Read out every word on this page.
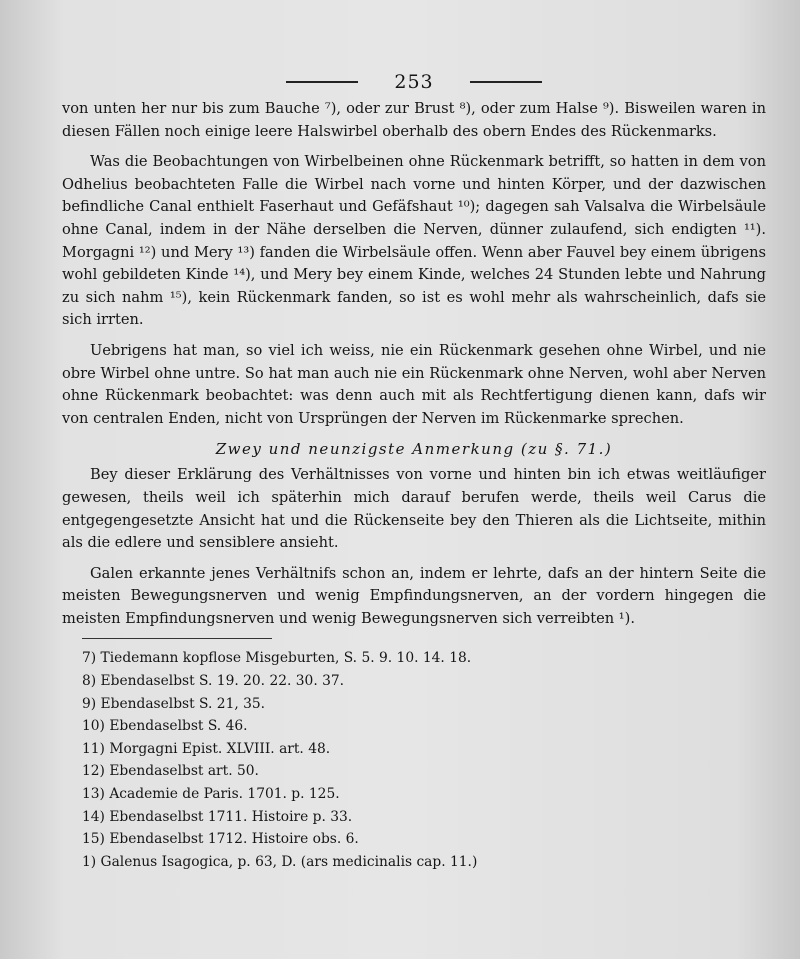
253

von unten her nur bis zum Bauche ⁷), oder zur Brust ⁸), oder zum Halse ⁹). Bisweilen waren in diesen Fällen noch einige leere Halswirbel oberhalb des obern Endes des Rückenmarks.

Was die Beobachtungen von Wirbelbeinen ohne Rückenmark betrifft, so hatten in dem von Odhelius beobachteten Falle die Wirbel nach vorne und hinten Körper, und der dazwischen befindliche Canal enthielt Faserhaut und Gefäfshaut ¹⁰); dagegen sah Valsalva die Wirbelsäule ohne Canal, indem in der Nähe derselben die Nerven, dünner zulaufend, sich endigten ¹¹). Morgagni ¹²) und Mery ¹³) fanden die Wirbelsäule offen. Wenn aber Fauvel bey einem übrigens wohl gebildeten Kinde ¹⁴), und Mery bey einem Kinde, welches 24 Stunden lebte und Nahrung zu sich nahm ¹⁵), kein Rückenmark fanden, so ist es wohl mehr als wahrscheinlich, dafs sie sich irrten.

Uebrigens hat man, so viel ich weiss, nie ein Rückenmark gesehen ohne Wirbel, und nie obre Wirbel ohne untre. So hat man auch nie ein Rückenmark ohne Nerven, wohl aber Nerven ohne Rückenmark beobachtet: was denn auch mit als Rechtfertigung dienen kann, dafs wir von centralen Enden, nicht von Ursprüngen der Nerven im Rückenmarke sprechen.

Zwey und neunzigste Anmerkung (zu §. 71.)

Bey dieser Erklärung des Verhältnisses von vorne und hinten bin ich etwas weitläufiger gewesen, theils weil ich späterhin mich darauf berufen werde, theils weil Carus die entgegengesetzte Ansicht hat und die Rückenseite bey den Thieren als die Lichtseite, mithin als die edlere und sensiblere ansieht.

Galen erkannte jenes Verhältnifs schon an, indem er lehrte, dafs an der hintern Seite die meisten Bewegungsnerven und wenig Empfindungsnerven, an der vordern hingegen die meisten Empfindungsnerven und wenig Bewegungsnerven sich verreibten ¹).

7) Tiedemann kopflose Misgeburten, S. 5. 9. 10. 14. 18.
8) Ebendaselbst S. 19. 20. 22. 30. 37.
9) Ebendaselbst S. 21, 35.
10) Ebendaselbst S. 46.
11) Morgagni Epist. XLVIII. art. 48.
12) Ebendaselbst art. 50.
13) Academie de Paris. 1701. p. 125.
14) Ebendaselbst 1711. Histoire p. 33.
15) Ebendaselbst 1712. Histoire obs. 6.
1) Galenus Isagogica, p. 63, D. (ars medicinalis cap. 11.)
